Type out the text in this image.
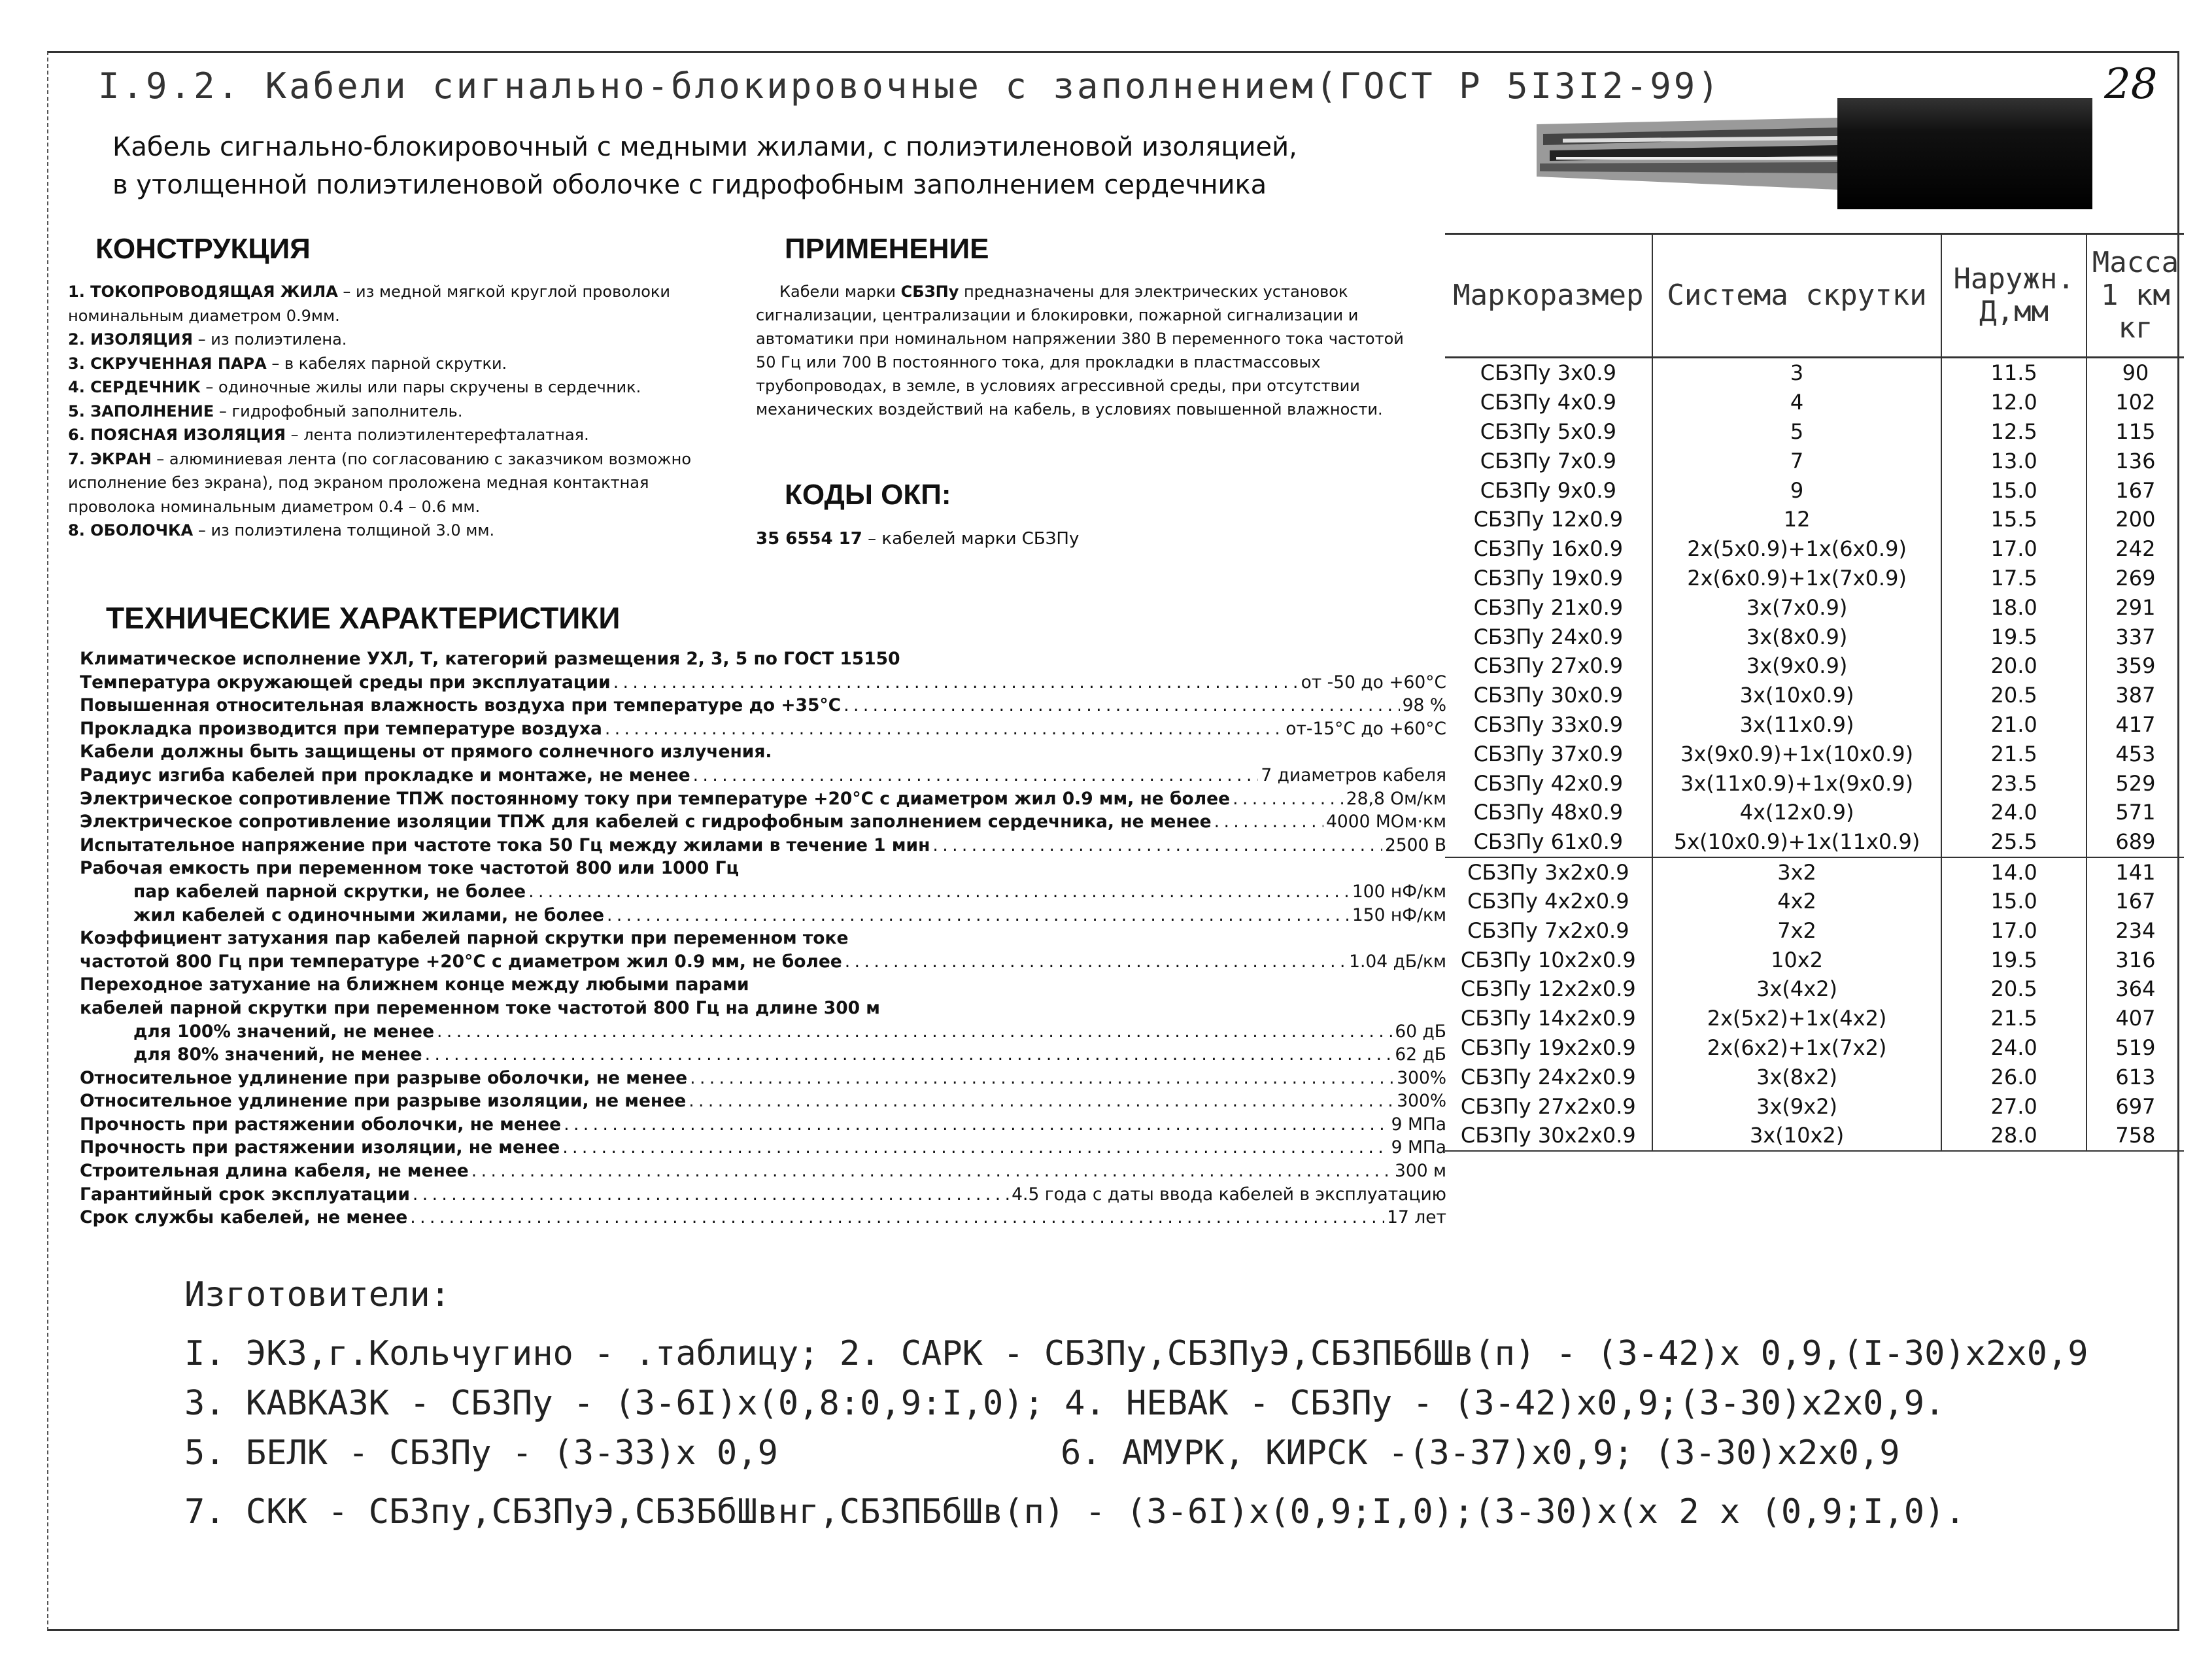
I.9.2. Кабели сигнально-блокировочные с заполнением(ГОСТ Р 5I3I2-99)	28
Кабель сигнально-блокировочный с медными жилами, с полиэтиленовой изоляцией,
в утолщенной полиэтиленовой оболочке с гидрофобным заполнением сердечника
КОНСТРУКЦИЯ
1. ТОКОПРОВОДЯЩАЯ ЖИЛА – из медной мягкой круглой проволоки номинальным диаметром 0.9мм.
2. ИЗОЛЯЦИЯ – из полиэтилена.
3. СКРУЧЕННАЯ ПАРА – в кабелях парной скрутки.
4. СЕРДЕЧНИК – одиночные жилы или пары скручены в сердечник.
5. ЗАПОЛНЕНИЕ – гидрофобный заполнитель.
6. ПОЯСНАЯ ИЗОЛЯЦИЯ – лента полиэтилентерефталатная.
7. ЭКРАН – алюминиевая лента (по согласованию с заказчиком возможно исполнение без экрана), под экраном проложена медная контактная проволока номинальным диаметром 0.4 – 0.6 мм.
8. ОБОЛОЧКА – из полиэтилена толщиной 3.0 мм.
ПРИМЕНЕНИЕ
Кабели марки СБЗПу предназначены для электрических установок сигнализации, централизации и блокировки, пожарной сигнализации и автоматики при номинальном напряжении 380 В переменного тока частотой 50 Гц или 700 В постоянного тока, для прокладки в пластмассовых трубопроводах, в земле, в условиях агрессивной среды, при отсутствии механических воздействий на кабель, в условиях повышенной влажности.
КОДЫ ОКП:
35 6554 17 – кабелей марки СБЗПу
ТЕХНИЧЕСКИЕ ХАРАКТЕРИСТИКИ
Климатическое исполнение УХЛ, Т, категорий размещения 2, 3, 5 по ГОСТ 15150
Температура окружающей среды при эксплуатации . . .	от -50 до +60°С
Повышенная относительная влажность воздуха при температуре до +35°С . . .	98 %
Прокладка производится при температуре воздуха . . .	от-15°С до +60°С
Кабели должны быть защищены от прямого солнечного излучения.
Радиус изгиба кабелей при прокладке и монтаже, не менее . . .	7 диаметров кабеля
Электрическое сопротивление ТПЖ постоянному току при температуре +20°С с диаметром жил 0.9 мм, не более . . .	28,8 Ом/км
Электрическое сопротивление изоляции ТПЖ для кабелей с гидрофобным заполнением сердечника, не менее . . .	4000 МОм·км
Испытательное напряжение при частоте тока 50 Гц между жилами в течение 1 мин . . .	2500 В
Рабочая емкость при переменном токе частотой 800 или 1000 Гц
пар кабелей парной скрутки, не более . . .	100 нФ/км
жил кабелей с одиночными жилами, не более . . .	150 нФ/км
Коэффициент затухания пар кабелей парной скрутки при переменном токе
частотой 800 Гц при температуре +20°С с диаметром жил 0.9 мм, не более . . .	1.04 дБ/км
Переходное затухание на ближнем конце между любыми парами
кабелей парной скрутки при переменном токе частотой 800 Гц на длине 300 м
для 100% значений, не менее . . .	60 дБ
для 80% значений, не менее . . .	62 дБ
Относительное удлинение при разрыве оболочки, не менее . . .	300%
Относительное удлинение при разрыве изоляции, не менее . . .	300%
Прочность при растяжении оболочки, не менее . . .	9 МПа
Прочность при растяжении изоляции, не менее . . .	9 МПа
Строительная длина кабеля, не менее . . .	300 м
Гарантийный срок эксплуатации . . .	4.5 года с даты ввода кабелей в эксплуатацию
Срок службы кабелей, не менее . . .	17 лет
Маркоразмер	Система скрутки	Наружн. Д,мм	Масса 1 км кг
СБЗПу 3х0.9	3	11.5	90
СБЗПу 4х0.9	4	12.0	102
СБЗПу 5х0.9	5	12.5	115
СБЗПу 7х0.9	7	13.0	136
СБЗПу 9х0.9	9	15.0	167
СБЗПу 12х0.9	12	15.5	200
СБЗПу 16х0.9	2х(5х0.9)+1х(6х0.9)	17.0	242
СБЗПу 19х0.9	2х(6х0.9)+1х(7х0.9)	17.5	269
СБЗПу 21х0.9	3х(7х0.9)	18.0	291
СБЗПу 24х0.9	3х(8х0.9)	19.5	337
СБЗПу 27х0.9	3х(9х0.9)	20.0	359
СБЗПу 30х0.9	3х(10х0.9)	20.5	387
СБЗПу 33х0.9	3х(11х0.9)	21.0	417
СБЗПу 37х0.9	3х(9х0.9)+1х(10х0.9)	21.5	453
СБЗПу 42х0.9	3х(11х0.9)+1х(9х0.9)	23.5	529
СБЗПу 48х0.9	4х(12х0.9)	24.0	571
СБЗПу 61х0.9	5х(10х0.9)+1х(11х0.9)	25.5	689
СБЗПу 3х2х0.9	3х2	14.0	141
СБЗПу 4х2х0.9	4х2	15.0	167
СБЗПу 7х2х0.9	7х2	17.0	234
СБЗПу 10х2х0.9	10х2	19.5	316
СБЗПу 12х2х0.9	3х(4х2)	20.5	364
СБЗПу 14х2х0.9	2х(5х2)+1х(4х2)	21.5	407
СБЗПу 19х2х0.9	2х(6х2)+1х(7х2)	24.0	519
СБЗПу 24х2х0.9	3х(8х2)	26.0	613
СБЗПу 27х2х0.9	3х(9х2)	27.0	697
СБЗПу 30х2х0.9	3х(10х2)	28.0	758
Изготовители:
I. ЭКЗ,г.Кольчугино - .таблицу; 2. САРК - СБЗПу,СБЗПуЭ,СБЗПБбШв(п) - (3-42)х 0,9,(I-30)х2х0,9
3. КАВКАЗК - СБЗПу - (3-6I)х(0,8:0,9:I,0); 4. НЕВАК - СБЗПу - (3-42)х0,9;(3-30)х2х0,9.
5. БЕЛК - СБЗПу - (3-33)х 0,9	6. АМУРК, КИРСК -(3-37)х0,9; (3-30)х2х0,9
7. СКК - СБЗпу,СБЗПуЭ,СБЗБбШвнг,СБЗПБбШв(п) - (3-6I)х(0,9;I,0);(3-30)х(х 2 х (0,9;I,0).
